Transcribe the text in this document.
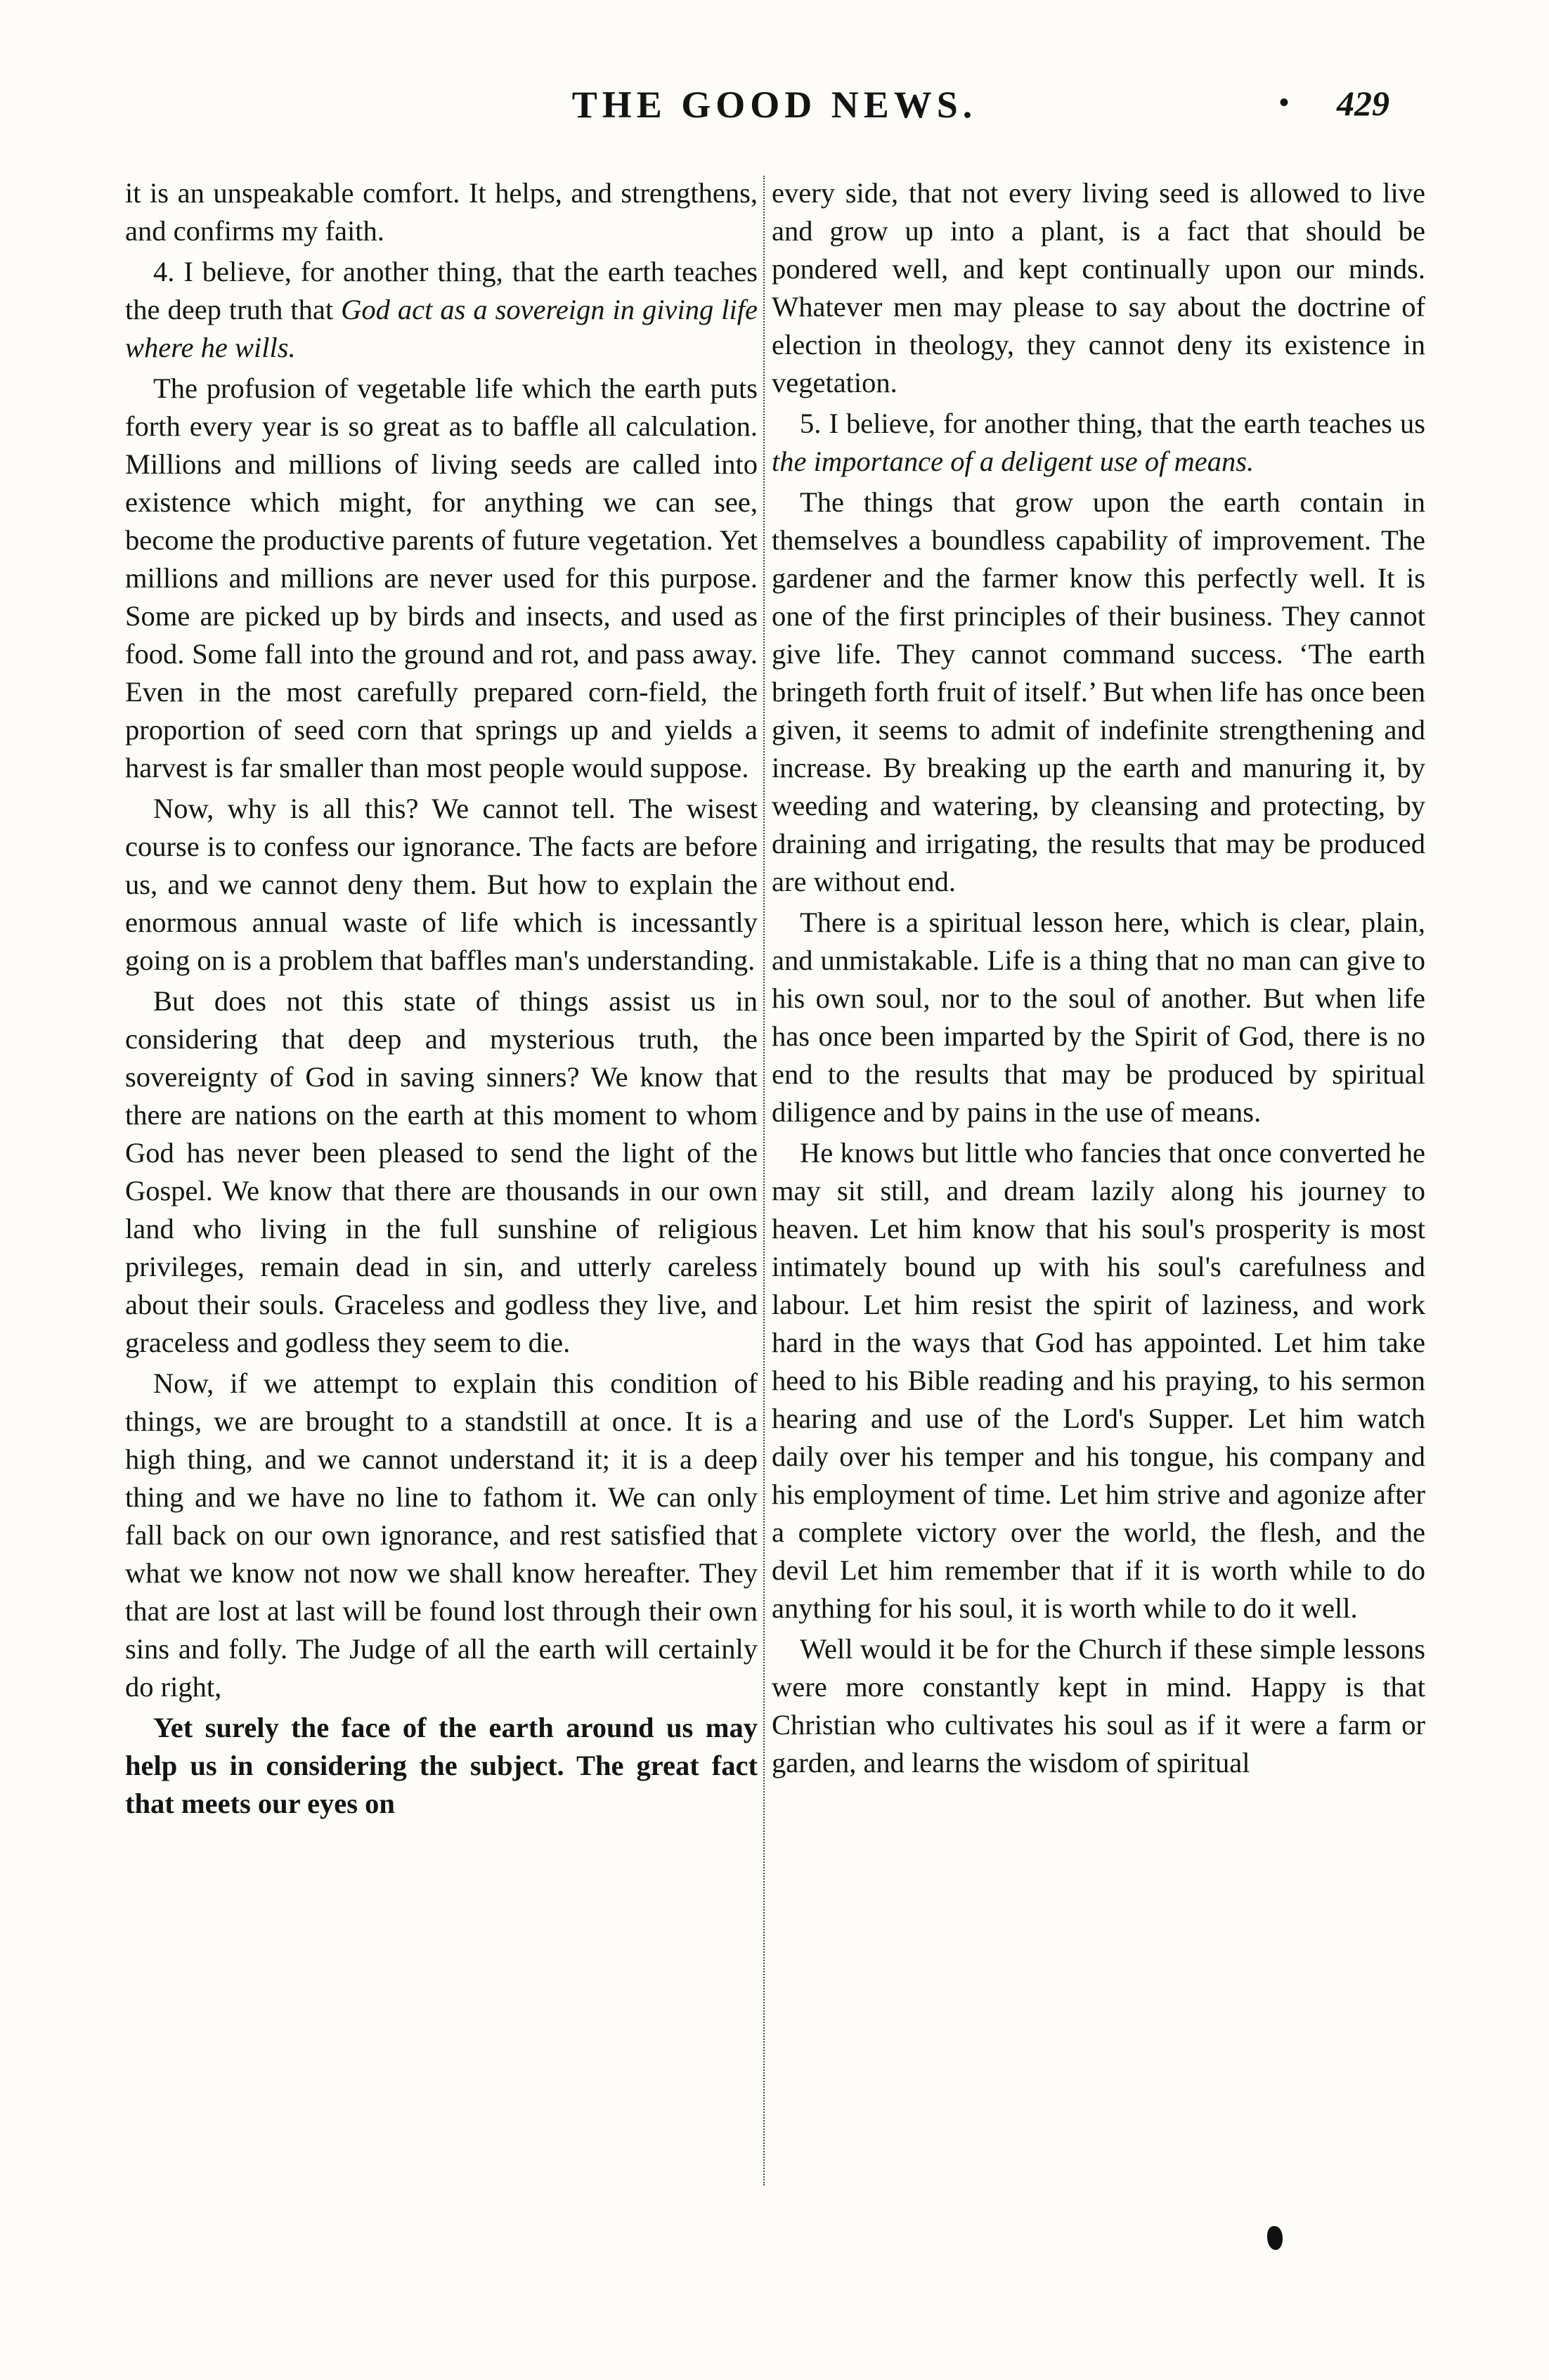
THE GOOD NEWS.	• 429

it is an unspeakable comfort. It helps, and strengthens, and confirms my faith.

4. I believe, for another thing, that the earth teaches the deep truth that God act as a sovereign in giving life where he wills.

The profusion of vegetable life which the earth puts forth every year is so great as to baffle all calculation. Millions and millions of living seeds are called into existence which might, for anything we can see, become the productive parents of future vegetation. Yet millions and millions are never used for this purpose. Some are picked up by birds and insects, and used as food. Some fall into the ground and rot, and pass away. Even in the most carefully prepared corn-field, the proportion of seed corn that springs up and yields a harvest is far smaller than most people would suppose.

Now, why is all this? We cannot tell. The wisest course is to confess our ignorance. The facts are before us, and we cannot deny them. But how to explain the enormous annual waste of life which is incessantly going on is a problem that baffles man's understanding.

But does not this state of things assist us in considering that deep and mysterious truth, the sovereignty of God in saving sinners? We know that there are nations on the earth at this moment to whom God has never been pleased to send the light of the Gospel. We know that there are thousands in our own land who living in the full sunshine of religious privileges, remain dead in sin, and utterly careless about their souls. Graceless and godless they live, and graceless and godless they seem to die.

Now, if we attempt to explain this condition of things, we are brought to a standstill at once. It is a high thing, and we cannot understand it; it is a deep thing and we have no line to fathom it. We can only fall back on our own ignorance, and rest satisfied that what we know not now we shall know hereafter. They that are lost at last will be found lost through their own sins and folly. The Judge of all the earth will certainly do right,

Yet surely the face of the earth around us may help us in considering the subject. The great fact that meets our eyes on

every side, that not every living seed is allowed to live and grow up into a plant, is a fact that should be pondered well, and kept continually upon our minds. Whatever men may please to say about the doctrine of election in theology, they cannot deny its existence in vegetation.

5. I believe, for another thing, that the earth teaches us the importance of a deligent use of means.

The things that grow upon the earth contain in themselves a boundless capability of improvement. The gardener and the farmer know this perfectly well. It is one of the first principles of their business. They cannot give life. They cannot command success. ‘The earth bringeth forth fruit of itself.’ But when life has once been given, it seems to admit of indefinite strengthening and increase. By breaking up the earth and manuring it, by weeding and watering, by cleansing and protecting, by draining and irrigating, the results that may be produced are without end.

There is a spiritual lesson here, which is clear, plain, and unmistakable. Life is a thing that no man can give to his own soul, nor to the soul of another. But when life has once been imparted by the Spirit of God, there is no end to the results that may be produced by spiritual diligence and by pains in the use of means.

He knows but little who fancies that once converted he may sit still, and dream lazily along his journey to heaven. Let him know that his soul's prosperity is most intimately bound up with his soul's carefulness and labour. Let him resist the spirit of laziness, and work hard in the ways that God has appointed. Let him take heed to his Bible reading and his praying, to his sermon hearing and use of the Lord's Supper. Let him watch daily over his temper and his tongue, his company and his employment of time. Let him strive and agonize after a complete victory over the world, the flesh, and the devil Let him remember that if it is worth while to do anything for his soul, it is worth while to do it well.

Well would it be for the Church if these simple lessons were more constantly kept in mind. Happy is that Christian who cultivates his soul as if it were a farm or garden, and learns the wisdom of spiritual
